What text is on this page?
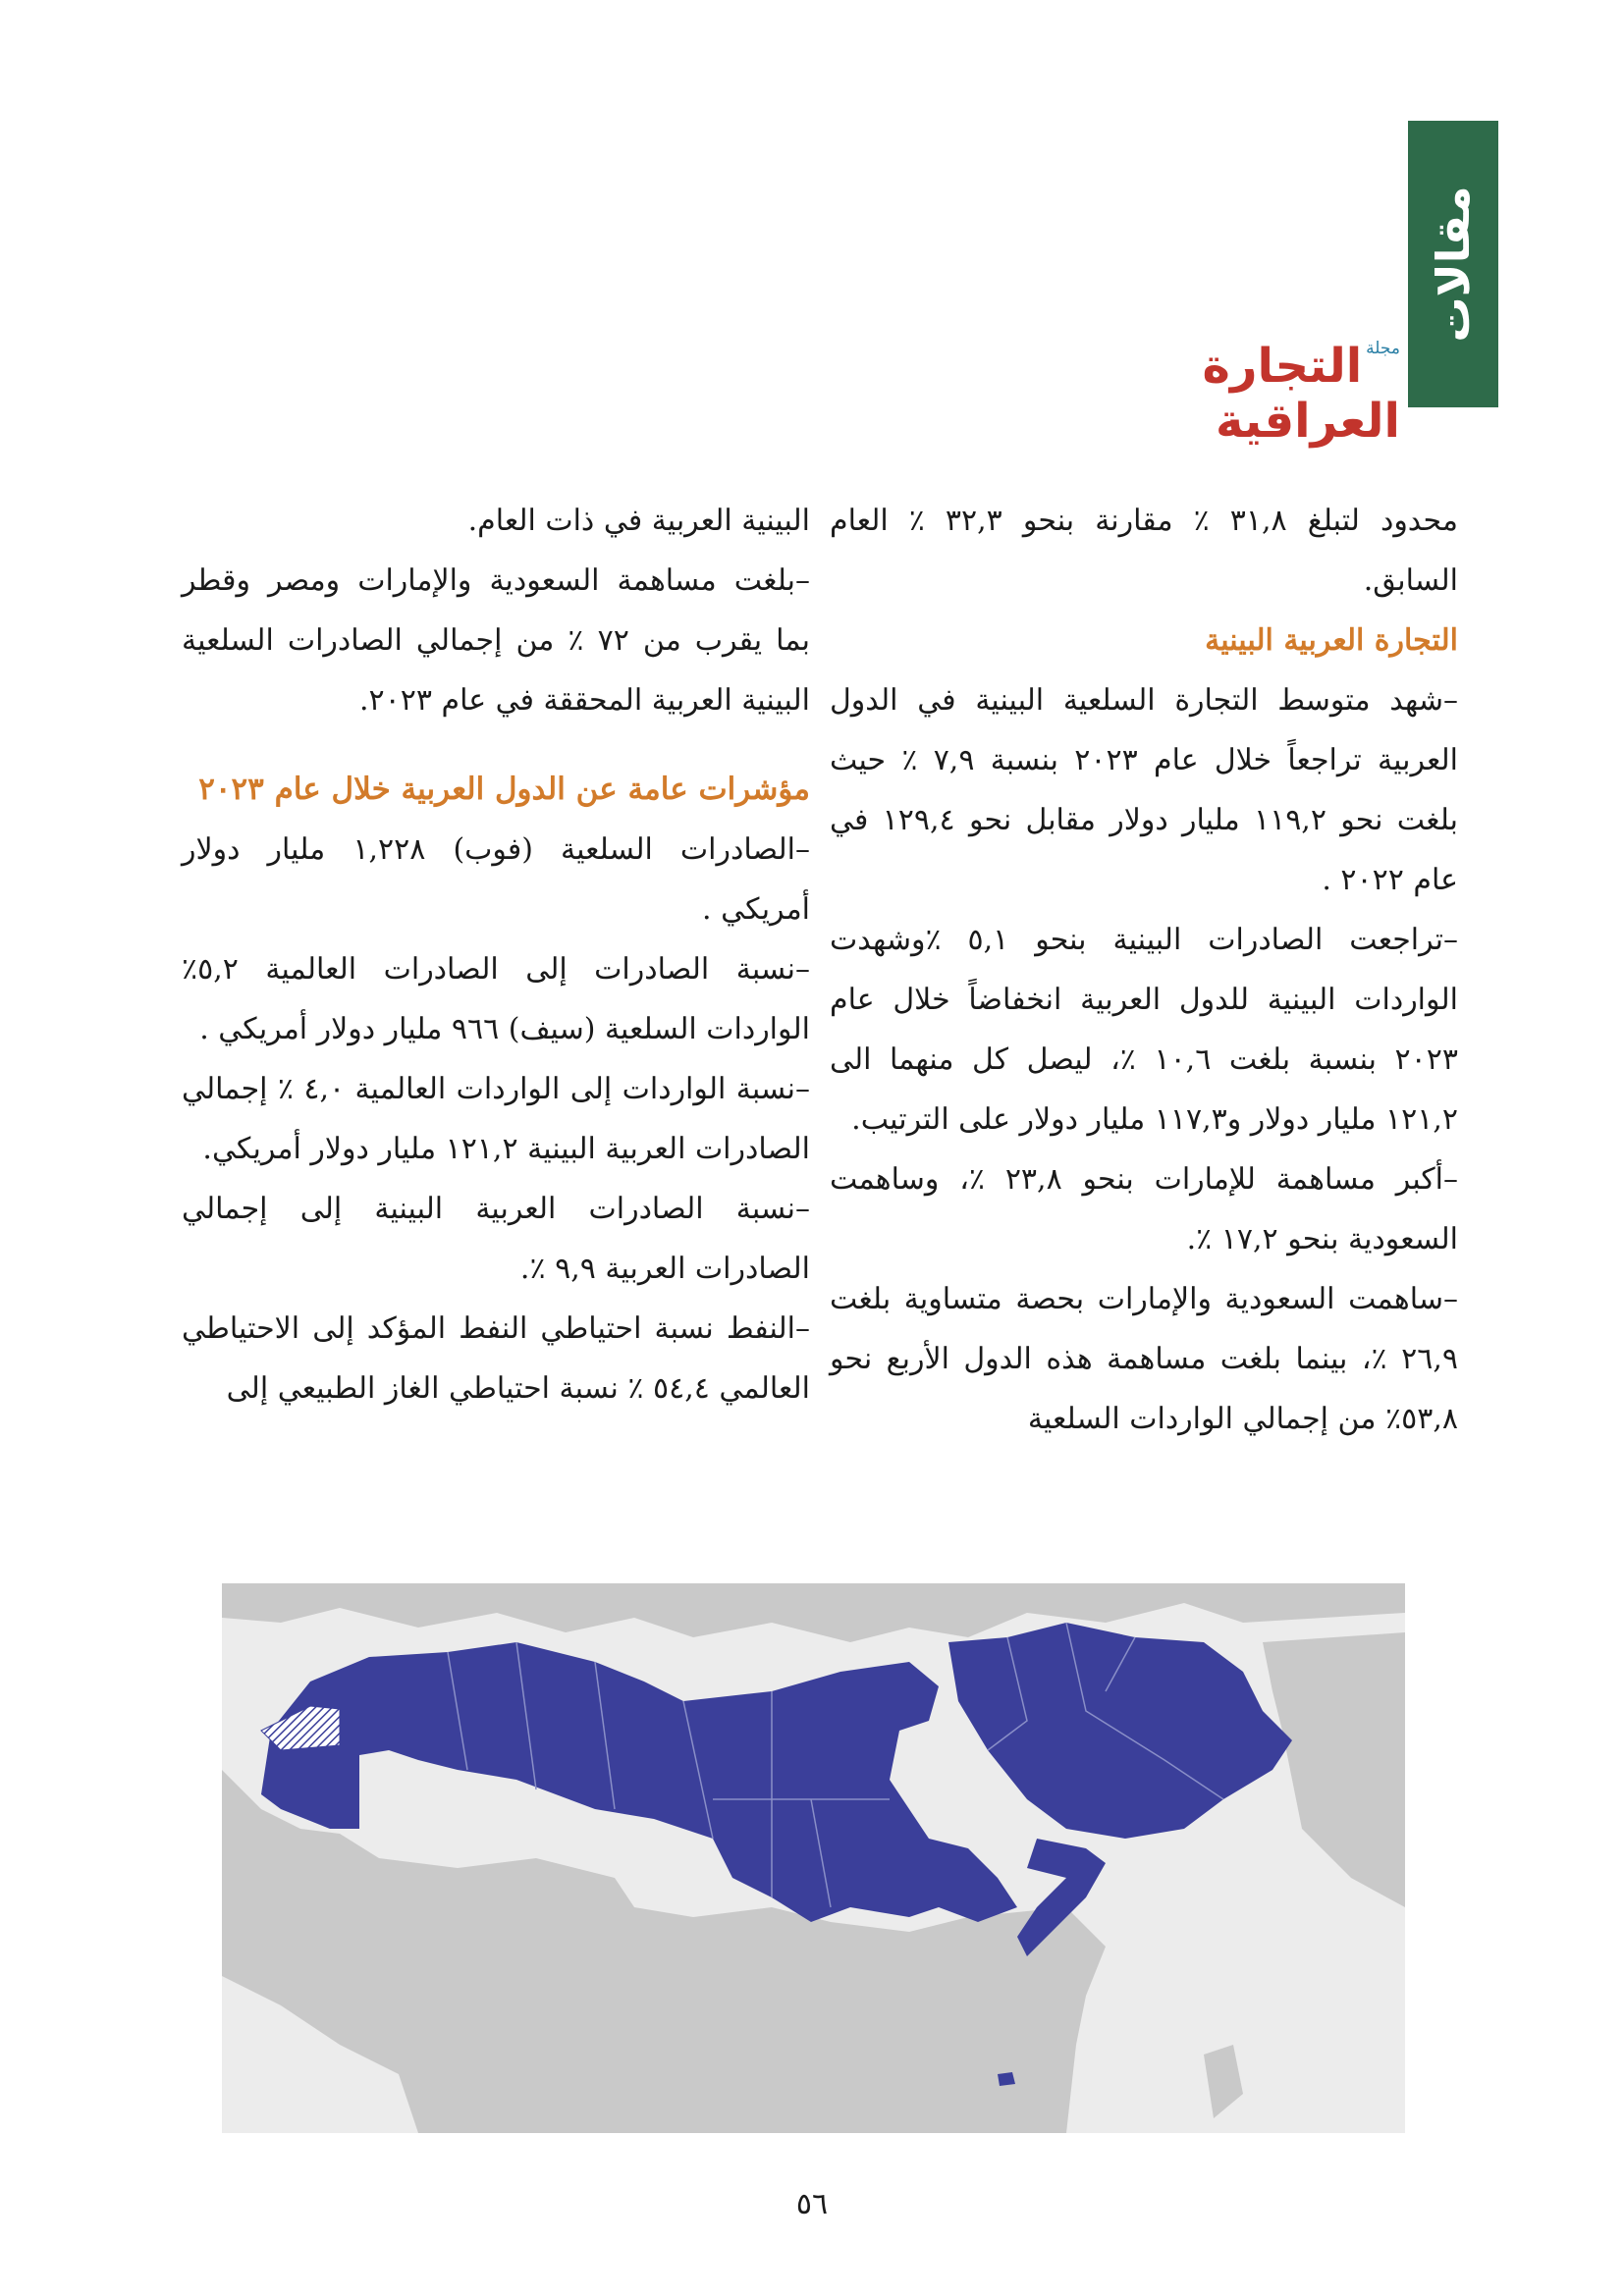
مقالات
مجلةالتجارة العراقية

محدود لتبلغ ٣١,٨ ٪ مقارنة بنحو ٣٢,٣ ٪ العام السابق.

التجارة العربية البينية

–شهد متوسط التجارة السلعية البينية في الدول العربية تراجعاً خلال عام ٢٠٢٣ بنسبة ٧,٩ ٪ حيث بلغت نحو ١١٩,٢ مليار دولار مقابل نحو ١٢٩,٤ في عام ٢٠٢٢ .

–تراجعت الصادرات البينية بنحو ٥,١ ٪وشهدت الواردات البينية للدول العربية انخفاضاً خلال عام ٢٠٢٣ بنسبة بلغت ١٠,٦ ٪، ليصل كل منهما الى ١٢١,٢ مليار دولار و١١٧,٣ مليار دولار على الترتيب.

–أكبر مساهمة للإمارات بنحو ٢٣,٨ ٪، وساهمت السعودية بنحو ١٧,٢ ٪.

–ساهمت السعودية والإمارات بحصة متساوية بلغت ٢٦,٩ ٪، بينما بلغت مساهمة هذه الدول الأربع نحو ٥٣,٨٪ من إجمالي الواردات السلعية

البينية العربية في ذات العام.

–بلغت مساهمة السعودية والإمارات ومصر وقطر بما يقرب من ٧٢ ٪ من إجمالي الصادرات السلعية البينية العربية المحققة في عام ٢٠٢٣.

مؤشرات عامة عن الدول العربية خلال عام ٢٠٢٣

–الصادرات السلعية (فوب) ١,٢٢٨ مليار دولار أمريكي .

–نسبة الصادرات إلى الصادرات العالمية ٥,٢٪ الواردات السلعية (سيف) ٩٦٦ مليار دولار أمريكي .

–نسبة الواردات إلى الواردات العالمية ٤,٠ ٪ إجمالي الصادرات العربية البينية ١٢١,٢ مليار دولار أمريكي.

–نسبة الصادرات العربية البينية إلى إجمالي الصادرات العربية ٩,٩ ٪.

–النفط نسبة احتياطي النفط المؤكد إلى الاحتياطي العالمي ٥٤,٤ ٪ نسبة احتياطي الغاز الطبيعي إلى

٥٦
